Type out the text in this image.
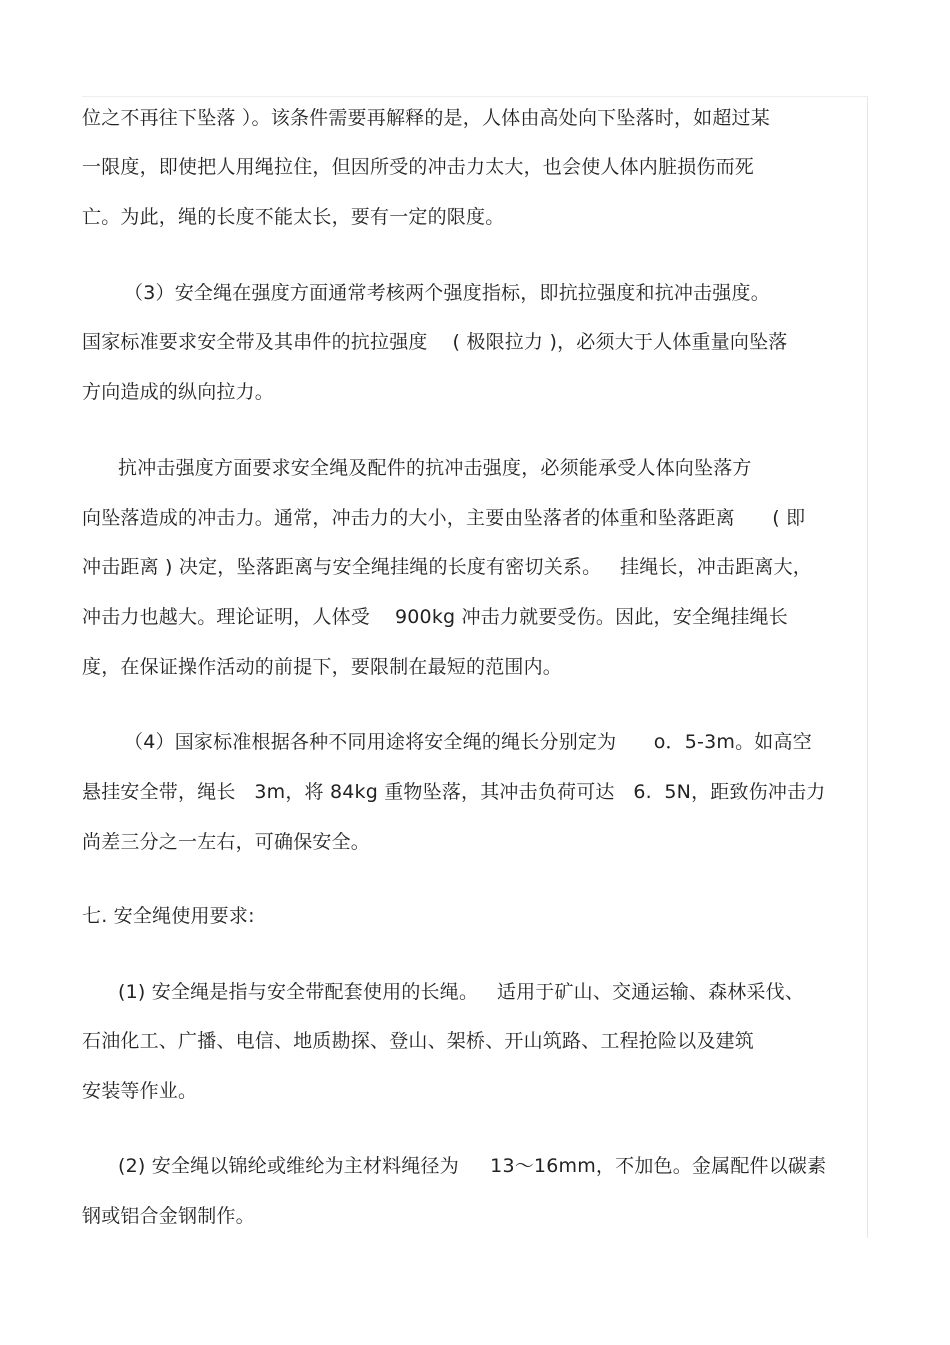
位之不再往下坠落 ）。该条件需要再解释的是，人体由高处向下坠落时，如超过某
一限度，即使把人用绳拉住，但因所受的冲击力太大，也会使人体内脏损伤而死
亡。为此，绳的长度不能太长，要有一定的限度。
（3）安全绳在强度方面通常考核两个强度指标，即抗拉强度和抗冲击强度。
国家标准要求安全带及其串件的抗拉强度    ( 极限拉力 )，必须大于人体重量向坠落
方向造成的纵向拉力。
抗冲击强度方面要求安全绳及配件的抗冲击强度，必须能承受人体向坠落方
向坠落造成的冲击力。通常，冲击力的大小，主要由坠落者的体重和坠落距离      ( 即
冲击距离 ) 决定，坠落距离与安全绳挂绳的长度有密切关系。   挂绳长，冲击距离大，
冲击力也越大。理论证明，人体受    900kg 冲击力就要受伤。因此，安全绳挂绳长
度，在保证操作活动的前提下，要限制在最短的范围内。
（4）国家标准根据各种不同用途将安全绳的绳长分别定为      o．5-3m。如高空
悬挂安全带，绳长   3m，将 84kg 重物坠落，其冲击负荷可达   6.  5N，距致伤冲击力
尚差三分之一左右，可确保安全。
七. 安全绳使用要求:
(1) 安全绳是指与安全带配套使用的长绳。   适用于矿山、交通运输、森林采伐、
石油化工、广播、电信、地质勘探、登山、架桥、开山筑路、工程抢险以及建筑
安装等作业。
(2) 安全绳以锦纶或维纶为主材料绳径为     13～16mm，不加色。金属配件以碳素
钢或铝合金钢制作。
